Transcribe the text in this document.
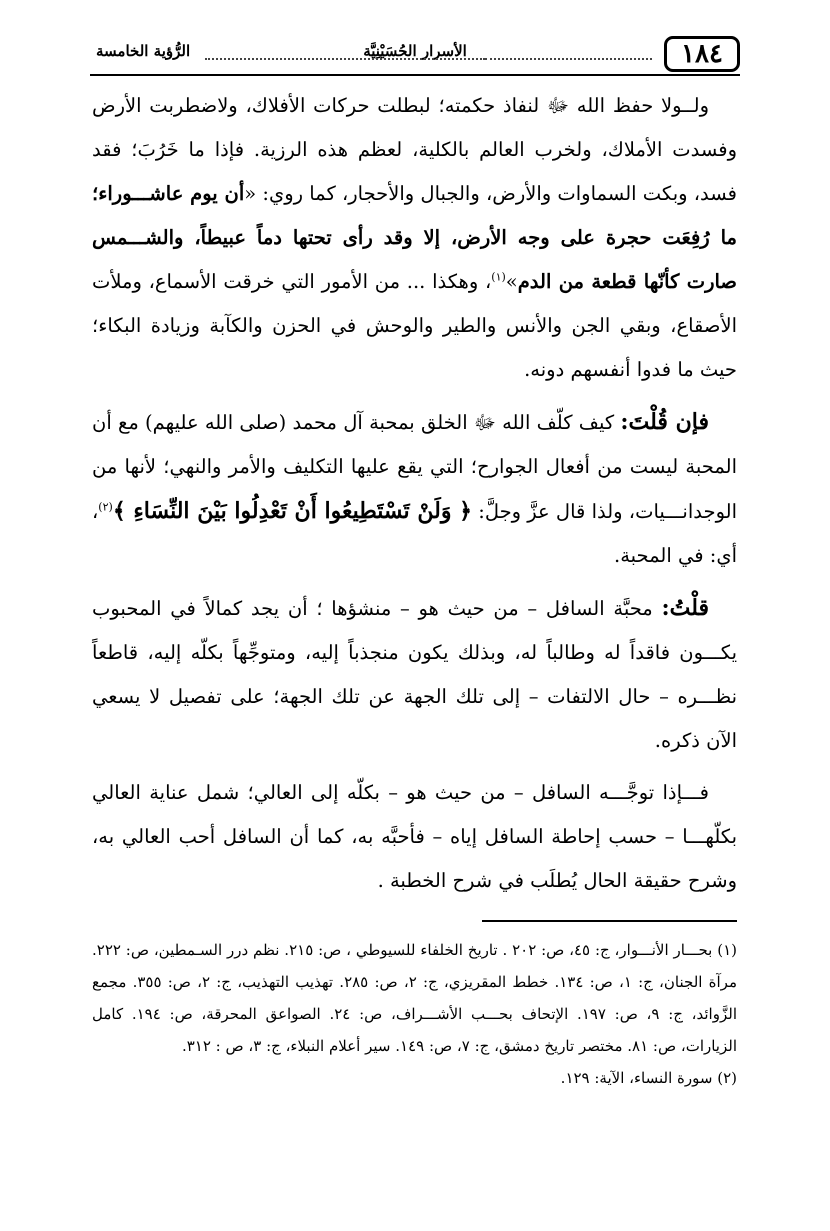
١٨٤
الأسرار الحُسَيْنِيَّة
الرُّؤية الخامسة

ولــولا حفظ الله ﷻ لنفاذ حكمته؛ لبطلت حركات الأفلاك، ولاضطربت الأرض وفسدت الأملاك، ولخرب العالم بالكلية، لعظم هذه الرزية. فإذا ما خَرُبَ؛ فقد فسد، وبكت السماوات والأرض، والجبال والأحجار، كما روي: «أن يوم عاشـــوراء؛ ما رُفِعَت حجرة على وجه الأرض، إلا وقد رأى تحتها دماً عبيطاً، والشـــمس صارت كأنّها قطعة من الدم»$^{(١)}$، وهكذا ... من الأمور التي خرقت الأسماع، وملأت الأصقاع، وبقي الجن والأنس والطير والوحش في الحزن والكآبة وزيادة البكاء؛ حيث ما فدوا أنفسهم دونه.

فإن قُلْتَ: كيف كلّف الله ﷻ الخلق بمحبة آل محمد (صلى الله عليهم) مع أن المحبة ليست من أفعال الجوارح؛ التي يقع عليها التكليف والأمر والنهي؛ لأنها من الوجدانـــيات، ولذا قال عزَّ وجلَّ: ﴿ وَلَنْ تَسْتَطِيعُوا أَنْ تَعْدِلُوا بَيْنَ النِّسَاءِ ﴾$^{(٢)}$، أي: في المحبة.

قلْتُ: محبَّة السافل – من حيث هو – منشؤها ؛ أن يجد كمالاً في المحبوب يكـــون فاقداً له وطالباً له، وبذلك يكون منجذباً إليه، ومتوجِّهاً بكلّه إليه، قاطعاً نظـــره – حال الالتفات – إلى تلك الجهة عن تلك الجهة؛ على تفصيل لا يسعي الآن ذكره.

فـــإذا توجَّـــه السافل – من حيث هو – بكلّه إلى العالي؛ شمل عناية العالي بكلّهـــا – حسب إحاطة السافل إياه – فأحبَّه به، كما أن السافل أحب العالي به، وشرح حقيقة الحال يُطلَب في شرح الخطبة .

(١) بحـــار الأنـــوار، ج: ٤٥، ص: ٢٠٢ . تاريخ الخلفاء للسيوطي ، ص: ٢١٥. نظم درر السـمطين، ص: ٢٢٢. مرآة الجنان، ج: ١، ص: ١٣٤. خطط المقريزي، ج: ٢، ص: ٢٨٥. تهذيب التهذيب، ج: ٢، ص: ٣٥٥. مجمع الزَّوائد، ج: ٩، ص: ١٩٧. الإتحاف بحـــب الأشـــراف، ص: ٢٤. الصواعق المحرقة، ص: ١٩٤. كامل الزيارات، ص: ٨١. مختصر تاريخ دمشق، ج: ٧، ص: ١٤٩. سير أعلام النبلاء، ج: ٣، ص : ٣١٢.

(٢) سورة النساء، الآية: ١٢٩.
